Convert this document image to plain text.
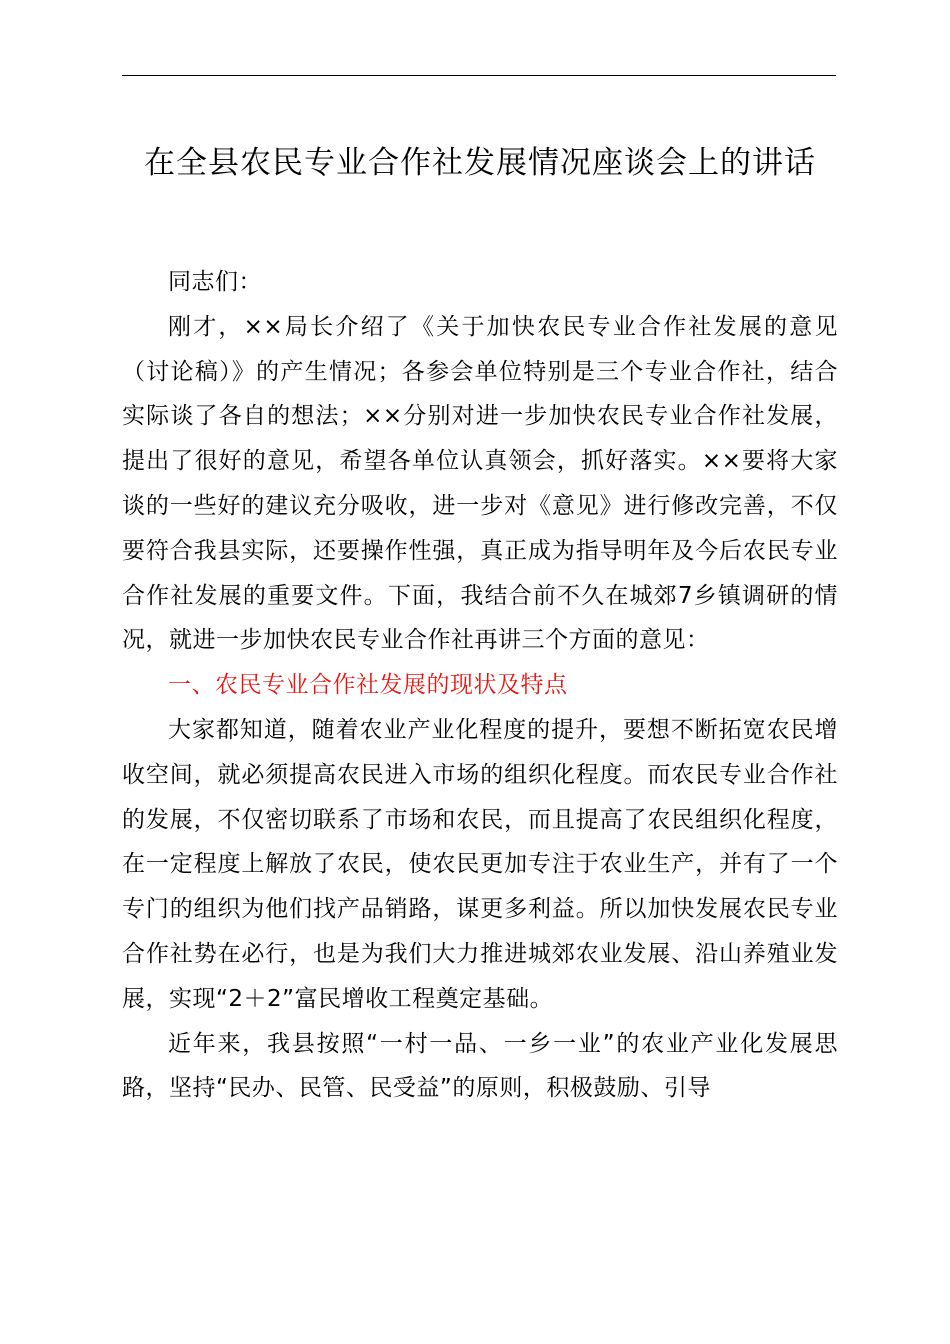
在全县农民专业合作社发展情况座谈会上的讲话

同志们：

刚才，××局长介绍了《关于加快农民专业合作社发展的意见（讨论稿）》的产生情况；各参会单位特别是三个专业合作社，结合实际谈了各自的想法；××分别对进一步加快农民专业合作社发展，提出了很好的意见，希望各单位认真领会，抓好落实。××要将大家谈的一些好的建议充分吸收，进一步对《意见》进行修改完善，不仅要符合我县实际，还要操作性强，真正成为指导明年及今后农民专业合作社发展的重要文件。下面，我结合前不久在城郊7乡镇调研的情况，就进一步加快农民专业合作社再讲三个方面的意见：

一、农民专业合作社发展的现状及特点

大家都知道，随着农业产业化程度的提升，要想不断拓宽农民增收空间，就必须提高农民进入市场的组织化程度。而农民专业合作社的发展，不仅密切联系了市场和农民，而且提高了农民组织化程度，在一定程度上解放了农民，使农民更加专注于农业生产，并有了一个专门的组织为他们找产品销路，谋更多利益。所以加快发展农民专业合作社势在必行，也是为我们大力推进城郊农业发展、沿山养殖业发展，实现“2＋2”富民增收工程奠定基础。

近年来，我县按照“一村一品、一乡一业”的农业产业化发展思路，坚持“民办、民管、民受益”的原则，积极鼓励、引导
